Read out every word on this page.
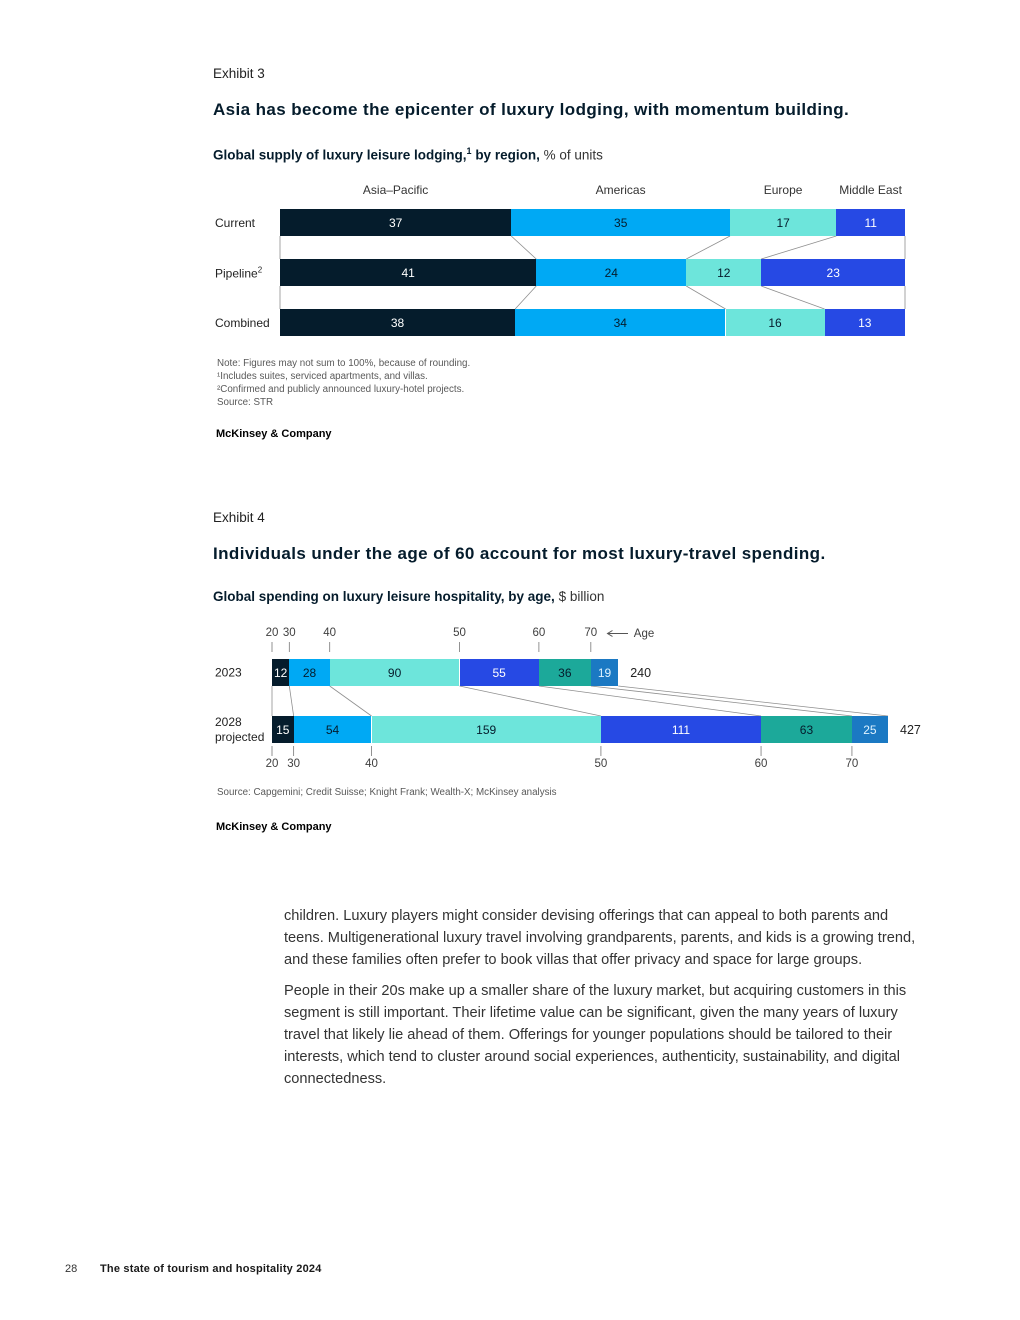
Exhibit 3
Asia has become the epicenter of luxury lodging, with momentum building.
Global supply of luxury leisure lodging,$^1$ by region, % of units
Asia–Pacific	Americas	Europe	Middle East
Current	37	35	17	11
Pipeline$^2$	41	24	12	23
Combined	38	34	16	13
Note: Figures may not sum to 100%, because of rounding.
¹Includes suites, serviced apartments, and villas.
²Confirmed and publicly announced luxury-hotel projects.
Source: STR
McKinsey & Company
Exhibit 4
Individuals under the age of 60 account for most luxury-travel spending.
Global spending on luxury leisure hospitality, by age, $ billion
20 30 40	50	60	70	Age
2023	12	28	90	55	36	19	240
2028 projected 15	54	159	111	63	25	427
20 30	40	50	60	70
Source: Capgemini; Credit Suisse; Knight Frank; Wealth-X; McKinsey analysis
McKinsey & Company

children. Luxury players might consider devising offerings that can appeal to both parents and teens. Multigenerational luxury travel involving grandparents, parents, and kids is a growing trend, and these families often prefer to book villas that offer privacy and space for large groups.

People in their 20s make up a smaller share of the luxury market, but acquiring customers in this segment is still important. Their lifetime value can be significant, given the many years of luxury travel that likely lie ahead of them. Offerings for younger populations should be tailored to their interests, which tend to cluster around social experiences, authenticity, sustainability, and digital connectedness.

28 The state of tourism and hospitality 2024
